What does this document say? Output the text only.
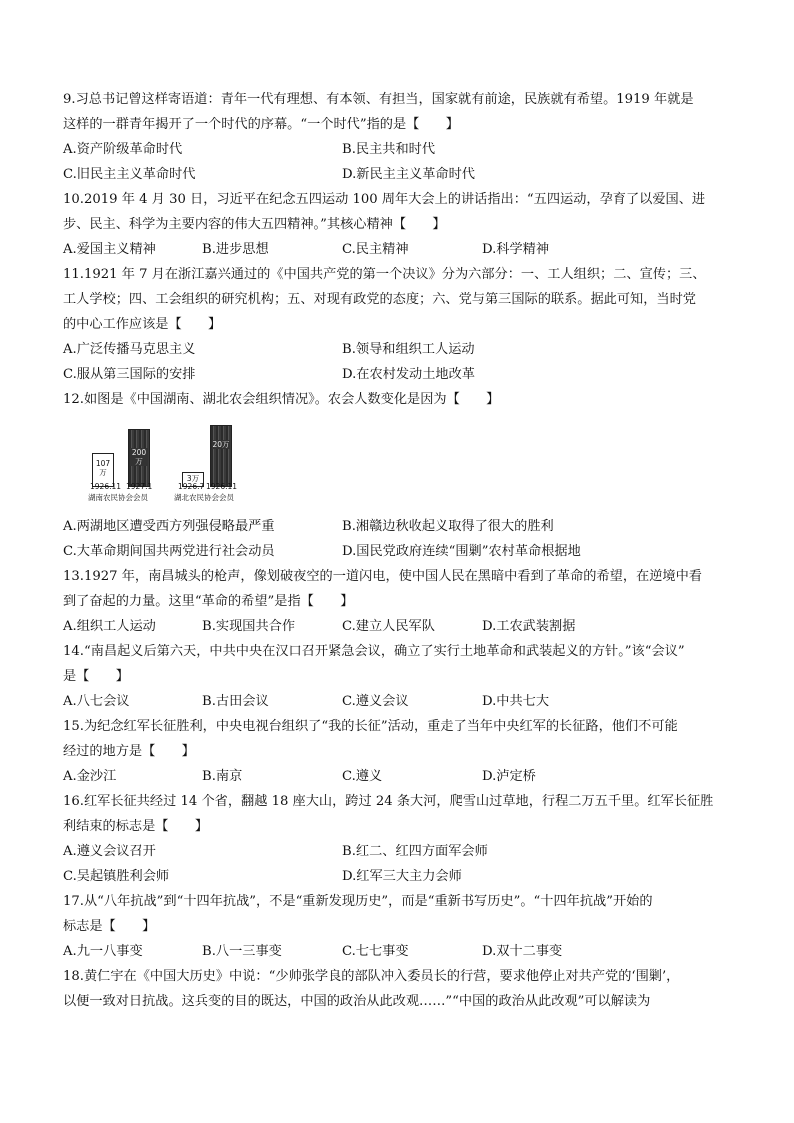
9.习总书记曾这样寄语道：青年一代有理想、有本领、有担当，国家就有前途，民族就有希望。1919 年就是
这样的一群青年揭开了一个时代的序幕。“一个时代”指的是【　　】
A.资产阶级革命时代	B.民主共和时代
C.旧民主主义革命时代	D.新民主主义革命时代
10.2019 年 4 月 30 日，习近平在纪念五四运动 100 周年大会上的讲话指出：“五四运动，孕育了以爱国、进
步、民主、科学为主要内容的伟大五四精神。”其核心精神【　　】
A.爱国主义精神	B.进步思想	C.民主精神	D.科学精神
11.1921 年 7 月在浙江嘉兴通过的《中国共产党的第一个决议》分为六部分：一、工人组织；二、宣传；三、
工人学校；四、工会组织的研究机构；五、对现有政党的态度；六、党与第三国际的联系。据此可知，当时党
的中心工作应该是【　　】
A.广泛传播马克思主义	B.领导和组织工人运动
C.服从第三国际的安排	D.在农村发动土地改革
12.如图是《中国湖南、湖北农会组织情况》。农会人数变化是因为【　　】
107万
200万
3万
20万
1926.11 1927.1	1926.7 1926.11
湖南农民协会会员	湖北农民协会会员
A.两湖地区遭受西方列强侵略最严重	B.湘赣边秋收起义取得了很大的胜利
C.大革命期间国共两党进行社会动员	D.国民党政府连续“围剿”农村革命根据地
13.1927 年，南昌城头的枪声，像划破夜空的一道闪电，使中国人民在黑暗中看到了革命的希望，在逆境中看
到了奋起的力量。这里“革命的希望”是指【　　】
A.组织工人运动	B.实现国共合作	C.建立人民军队	D.工农武装割据
14.“南昌起义后第六天，中共中央在汉口召开紧急会议，确立了实行土地革命和武装起义的方针。”该“会议”
是【　　】
A.八七会议	B.古田会议	C.遵义会议	D.中共七大
15.为纪念红军长征胜利，中央电视台组织了“我的长征”活动，重走了当年中央红军的长征路，他们不可能
经过的地方是【　　】
A.金沙江	B.南京	C.遵义	D.泸定桥
16.红军长征共经过 14 个省，翻越 18 座大山，跨过 24 条大河，爬雪山过草地，行程二万五千里。红军长征胜
利结束的标志是【　　】
A.遵义会议召开	B.红二、红四方面军会师
C.吴起镇胜利会师	D.红军三大主力会师
17.从“八年抗战”到“十四年抗战”，不是“重新发现历史”，而是“重新书写历史”。“十四年抗战”开始的
标志是【　　】
A.九一八事变	B.八一三事变	C.七七事变	D.双十二事变
18.黄仁宇在《中国大历史》中说：“少帅张学良的部队冲入委员长的行营，要求他停止对共产党的‘围剿’，
以便一致对日抗战。这兵变的目的既达，中国的政治从此改观……”“中国的政治从此改观”可以解读为
